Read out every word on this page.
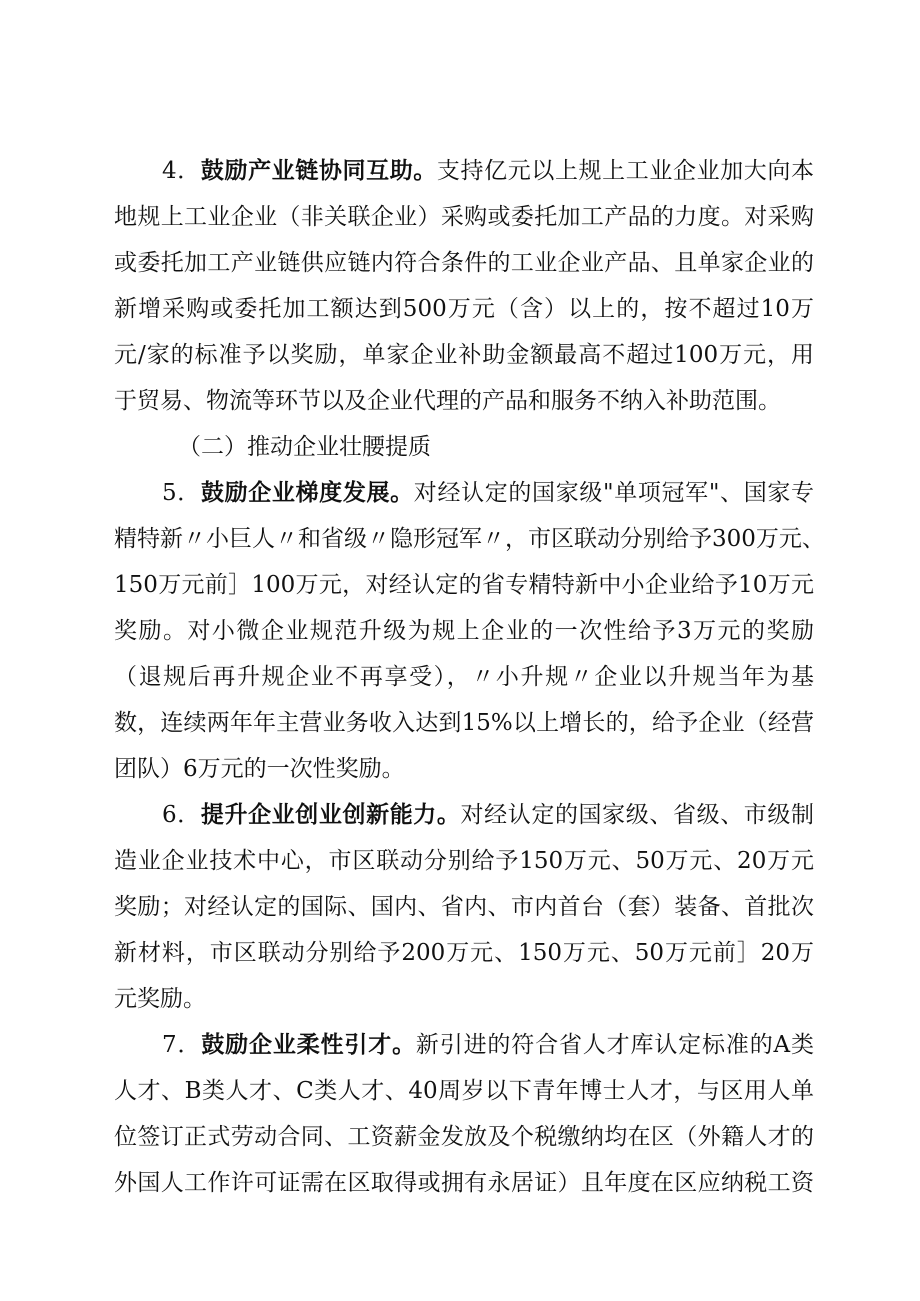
4．鼓励产业链协同互助。支持亿元以上规上工业企业加大向本
地规上工业企业（非关联企业）采购或委托加工产品的力度。对采购
或委托加工产业链供应链内符合条件的工业企业产品、且单家企业的
新增采购或委托加工额达到500万元（含）以上的，按不超过10万
元/家的标准予以奖励，单家企业补助金额最高不超过100万元，用
于贸易、物流等环节以及企业代理的产品和服务不纳入补助范围。
（二）推动企业壮腰提质
5．鼓励企业梯度发展。对经认定的国家级"单项冠军"、国家专
精特新〃小巨人〃和省级〃隐形冠军〃，市区联动分别给予300万元、
150万元前］100万元，对经认定的省专精特新中小企业给予10万元
奖励。对小微企业规范升级为规上企业的一次性给予3万元的奖励
（退规后再升规企业不再享受），〃小升规〃企业以升规当年为基
数，连续两年年主营业务收入达到15%以上增长的，给予企业（经营
团队）6万元的一次性奖励。
6．提升企业创业创新能力。对经认定的国家级、省级、市级制
造业企业技术中心，市区联动分别给予150万元、50万元、20万元
奖励；对经认定的国际、国内、省内、市内首台（套）装备、首批次
新材料，市区联动分别给予200万元、150万元、50万元前］20万
元奖励。
7．鼓励企业柔性引才。新引进的符合省人才库认定标准的A类
人才、B类人才、C类人才、40周岁以下青年博士人才，与区用人单
位签订正式劳动合同、工资薪金发放及个税缴纳均在区（外籍人才的
外国人工作许可证需在区取得或拥有永居证）且年度在区应纳税工资
